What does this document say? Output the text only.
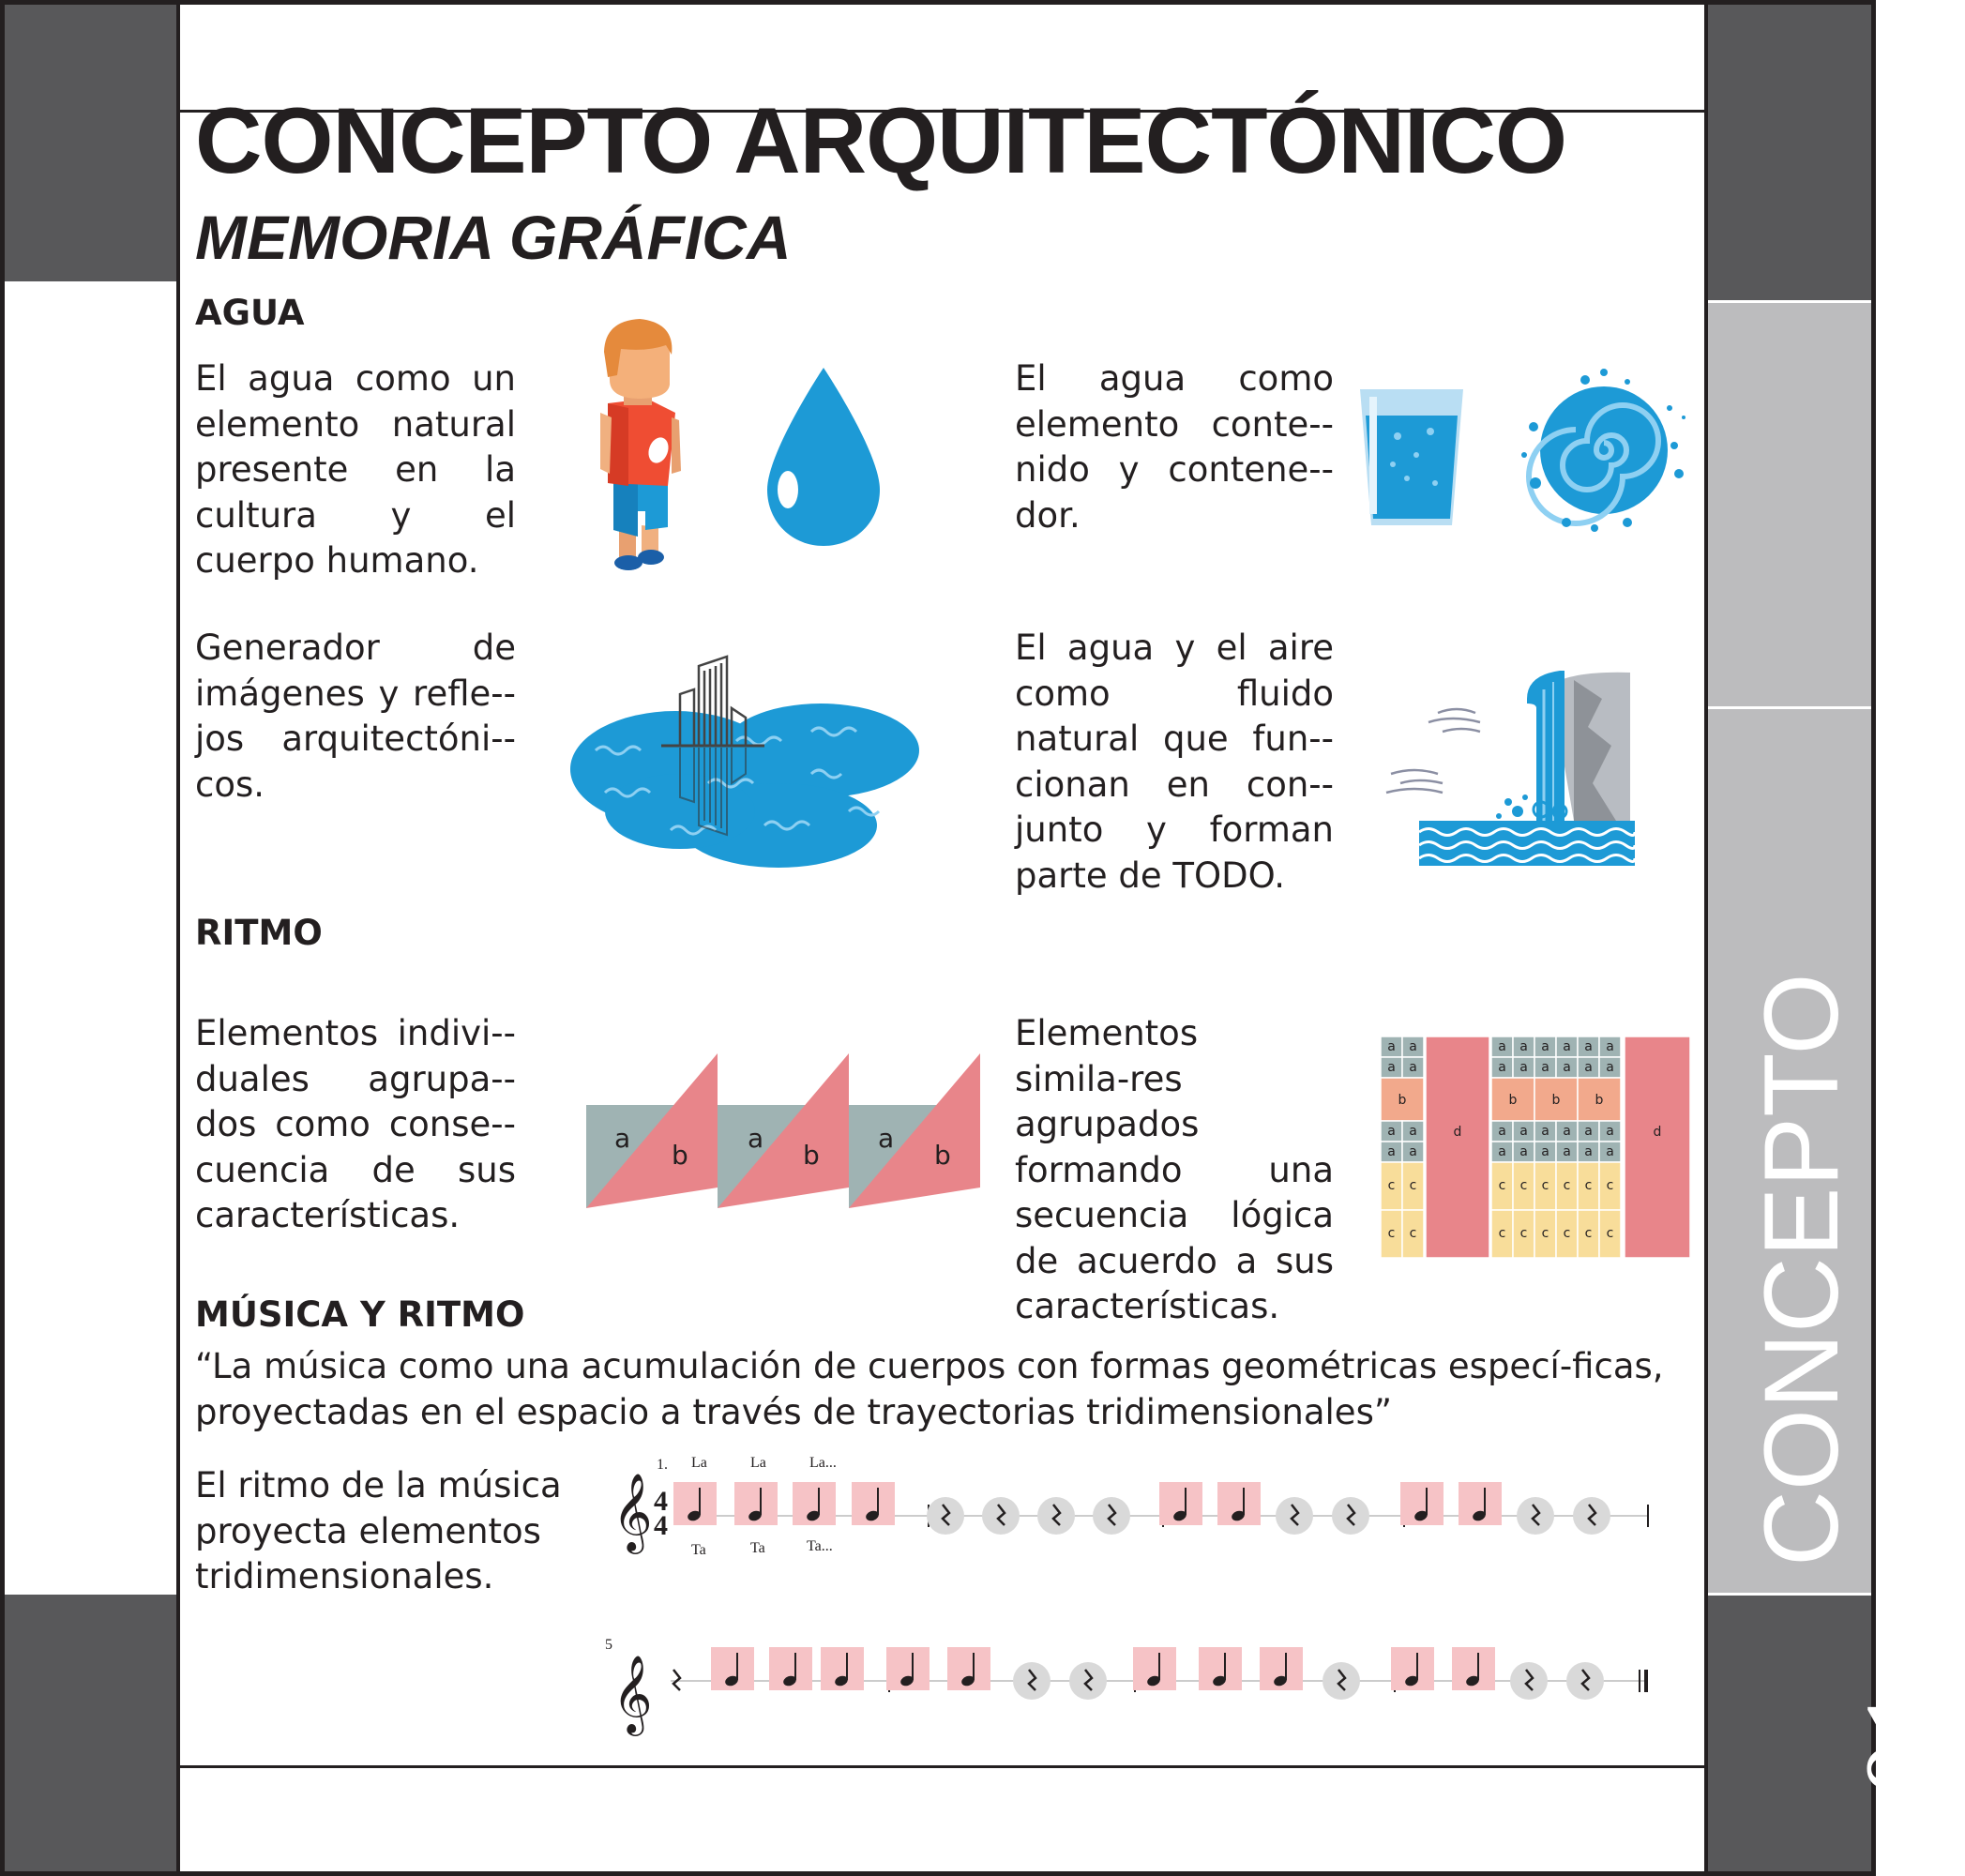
CONCEPTO
01
CONCEPTO ARQUITECTÓNICO
MEMORIA GRÁFICA
AGUA
El agua como un elemento natural presente en la cultura y el cuerpo humano.
El agua como elemento conte-nido y contene-dor.
Generador de imágenes y refle-jos arquitectóni-cos.
El agua y el aire como fluido natural que fun-cionan en con-junto y forman parte de TODO.
RITMO
Elementos indivi-duales agrupa-dos como conse-cuencia de sus características.
Elementos simila-res agrupados formando una secuencia lógica de acuerdo a sus características.
a
b
a
b
a
b
a a
a a
b
a a
a a
c c
c c
d
a a a a a a
a a a a a a
b	b	b
a a a a a a
a a a a a a
c c c c c c
c c c c c c
d
MÚSICA Y RITMO
“La música como una acumulación de cuerpos con formas geométricas especí-ficas, proyectadas en el espacio a través de trayectorias tridimensionales”
El ritmo de la música proyecta elementos tridimensionales.
1. La	La	La...
Ta	Ta	Ta...
𝄞 4
4
5
𝄞
